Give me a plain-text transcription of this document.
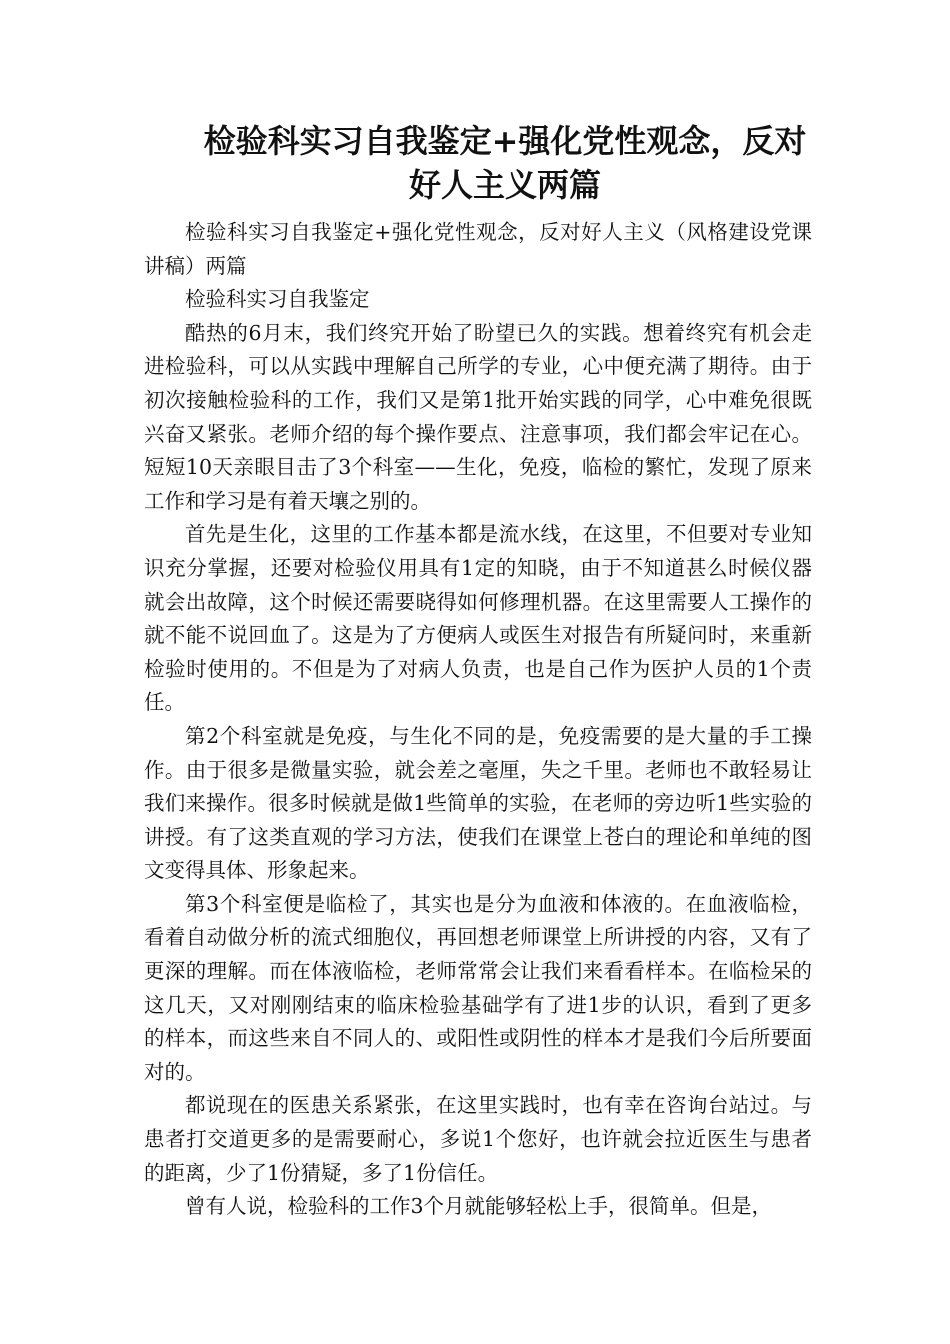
检验科实习自我鉴定+强化党性观念，反对
好人主义两篇

检验科实习自我鉴定+强化党性观念，反对好人主义（风格建设党课讲稿）两篇

检验科实习自我鉴定

酷热的6月末，我们终究开始了盼望已久的实践。想着终究有机会走进检验科，可以从实践中理解自己所学的专业，心中便充满了期待。由于初次接触检验科的工作，我们又是第1批开始实践的同学，心中难免很既兴奋又紧张。老师介绍的每个操作要点、注意事项，我们都会牢记在心。短短10天亲眼目击了3个科室——生化，免疫，临检的繁忙，发现了原来工作和学习是有着天壤之别的。

首先是生化，这里的工作基本都是流水线，在这里，不但要对专业知识充分掌握，还要对检验仪用具有1定的知晓，由于不知道甚么时候仪器就会出故障，这个时候还需要晓得如何修理机器。在这里需要人工操作的就不能不说回血了。这是为了方便病人或医生对报告有所疑问时，来重新检验时使用的。不但是为了对病人负责，也是自己作为医护人员的1个责任。

第2个科室就是免疫，与生化不同的是，免疫需要的是大量的手工操作。由于很多是微量实验，就会差之毫厘，失之千里。老师也不敢轻易让我们来操作。很多时候就是做1些简单的实验，在老师的旁边听1些实验的讲授。有了这类直观的学习方法，使我们在课堂上苍白的理论和单纯的图文变得具体、形象起来。

第3个科室便是临检了，其实也是分为血液和体液的。在血液临检，看着自动做分析的流式细胞仪，再回想老师课堂上所讲授的内容，又有了更深的理解。而在体液临检，老师常常会让我们来看看样本。在临检呆的这几天，又对刚刚结束的临床检验基础学有了进1步的认识，看到了更多的样本，而这些来自不同人的、或阳性或阴性的样本才是我们今后所要面对的。

都说现在的医患关系紧张，在这里实践时，也有幸在咨询台站过。与患者打交道更多的是需要耐心，多说1个您好，也许就会拉近医生与患者的距离，少了1份猜疑，多了1份信任。

曾有人说，检验科的工作3个月就能够轻松上手，很简单。但是，
